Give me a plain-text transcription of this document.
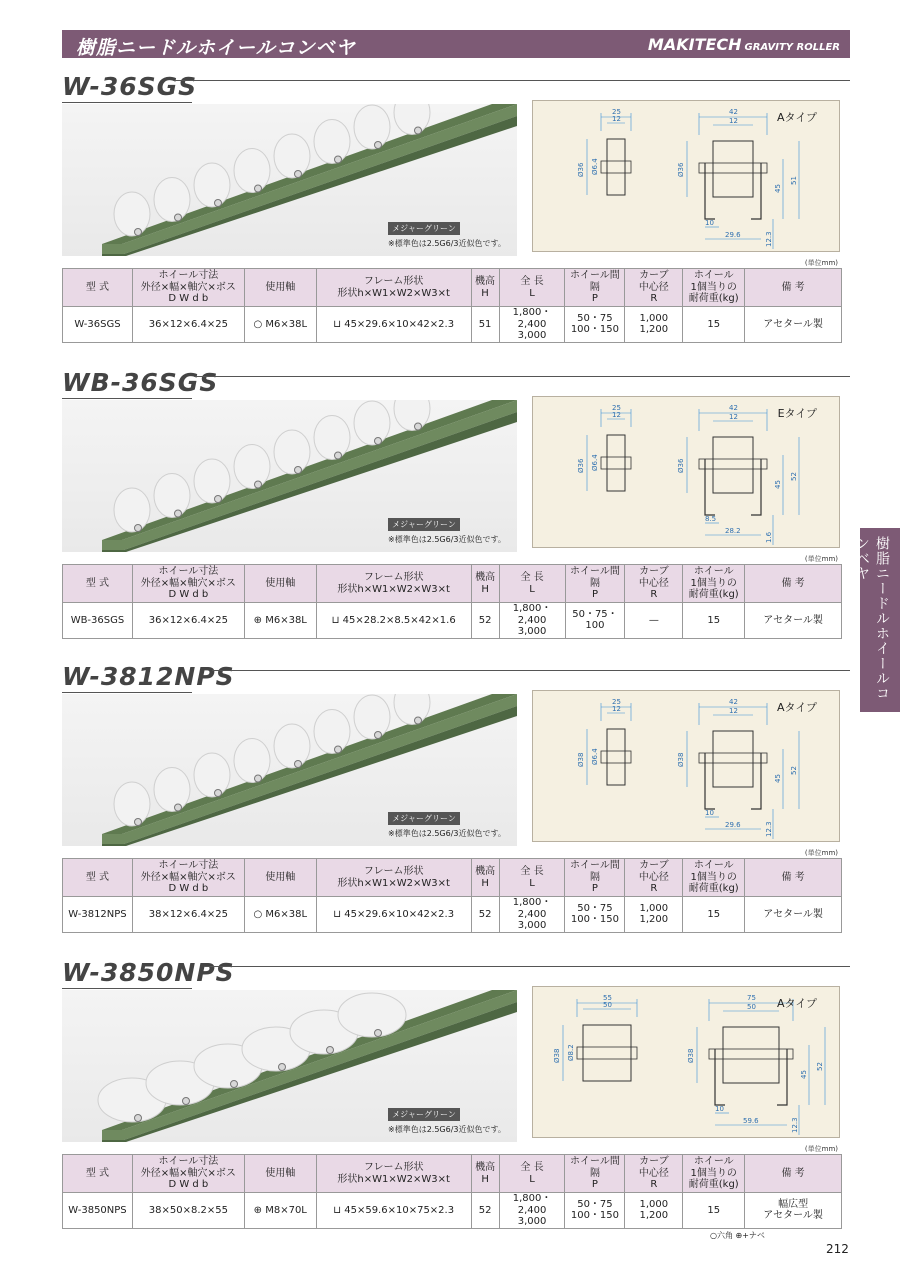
樹脂ニードルホイールコンベヤ	MAKITECH GRAVITY ROLLER
樹脂ニードルホイールコンベヤ
W-36SGS
メジャーグリーン
※標準色は2.5G6/3近似色です。
Aタイプ
25
12
Ø36 Ø6.4
42
12
Ø36
45
51
10
29.6	12.3
(単位mm)
型 式	ホイール寸法
外径×幅×軸穴×ボス
D W d b	使用軸	フレーム形状
形状h×W1×W2×W3×t	機高
H	全 長
L	ホイール間隔
P	カーブ
中心径
R	ホイール
1個当りの
耐荷重(kg)	備 考
W-36SGS	36×12×6.4×25	○ M6×38L	⊔ 45×29.6×10×42×2.3	51	1,800・2,400
3,000	50・75
100・150	1,000
1,200	15	アセタール製

WB-36SGS
メジャーグリーン
※標準色は2.5G6/3近似色です。
Eタイプ
25
12
Ø36 Ø6.4
42
12
Ø36
45
52
8.5
28.2
1.6
(単位mm)
型 式	ホイール寸法
外径×幅×軸穴×ボス
D W d b	使用軸	フレーム形状
形状h×W1×W2×W3×t	機高
H	全 長
L	ホイール間隔
P	カーブ
中心径
R	ホイール
1個当りの
耐荷重(kg)	備 考
WB-36SGS	36×12×6.4×25	⊕ M6×38L	⊔ 45×28.2×8.5×42×1.6	52	1,800・2,400
3,000	50・75・100	—	15	アセタール製

W-3812NPS
メジャーグリーン
※標準色は2.5G6/3近似色です。
Aタイプ
25
12
Ø38 Ø6.4
42
12
Ø38
45
52
10
29.6	12.3
(単位mm)
型 式	ホイール寸法
外径×幅×軸穴×ボス
D W d b	使用軸	フレーム形状
形状h×W1×W2×W3×t	機高
H	全 長
L	ホイール間隔
P	カーブ
中心径
R	ホイール
1個当りの
耐荷重(kg)	備 考
W-3812NPS	38×12×6.4×25	○ M6×38L	⊔ 45×29.6×10×42×2.3	52	1,800・2,400
3,000	50・75
100・150	1,000
1,200	15	アセタール製

W-3850NPS
メジャーグリーン
※標準色は2.5G6/3近似色です。
Aタイプ
55
50
Ø38 Ø8.2
75
50
Ø38
45
52
10
59.6	12.3
(単位mm)
型 式	ホイール寸法
外径×幅×軸穴×ボス
D W d b	使用軸	フレーム形状
形状h×W1×W2×W3×t	機高
H	全 長
L	ホイール間隔
P	カーブ
中心径
R	ホイール
1個当りの
耐荷重(kg)	備 考
W-3850NPS	38×50×8.2×55	⊕ M8×70L	⊔ 45×59.6×10×75×2.3	52	1,800・2,400
3,000	50・75
100・150	1,000
1,200	15	幅広型
アセタール製
○六角 ⊕+ナベ
212
